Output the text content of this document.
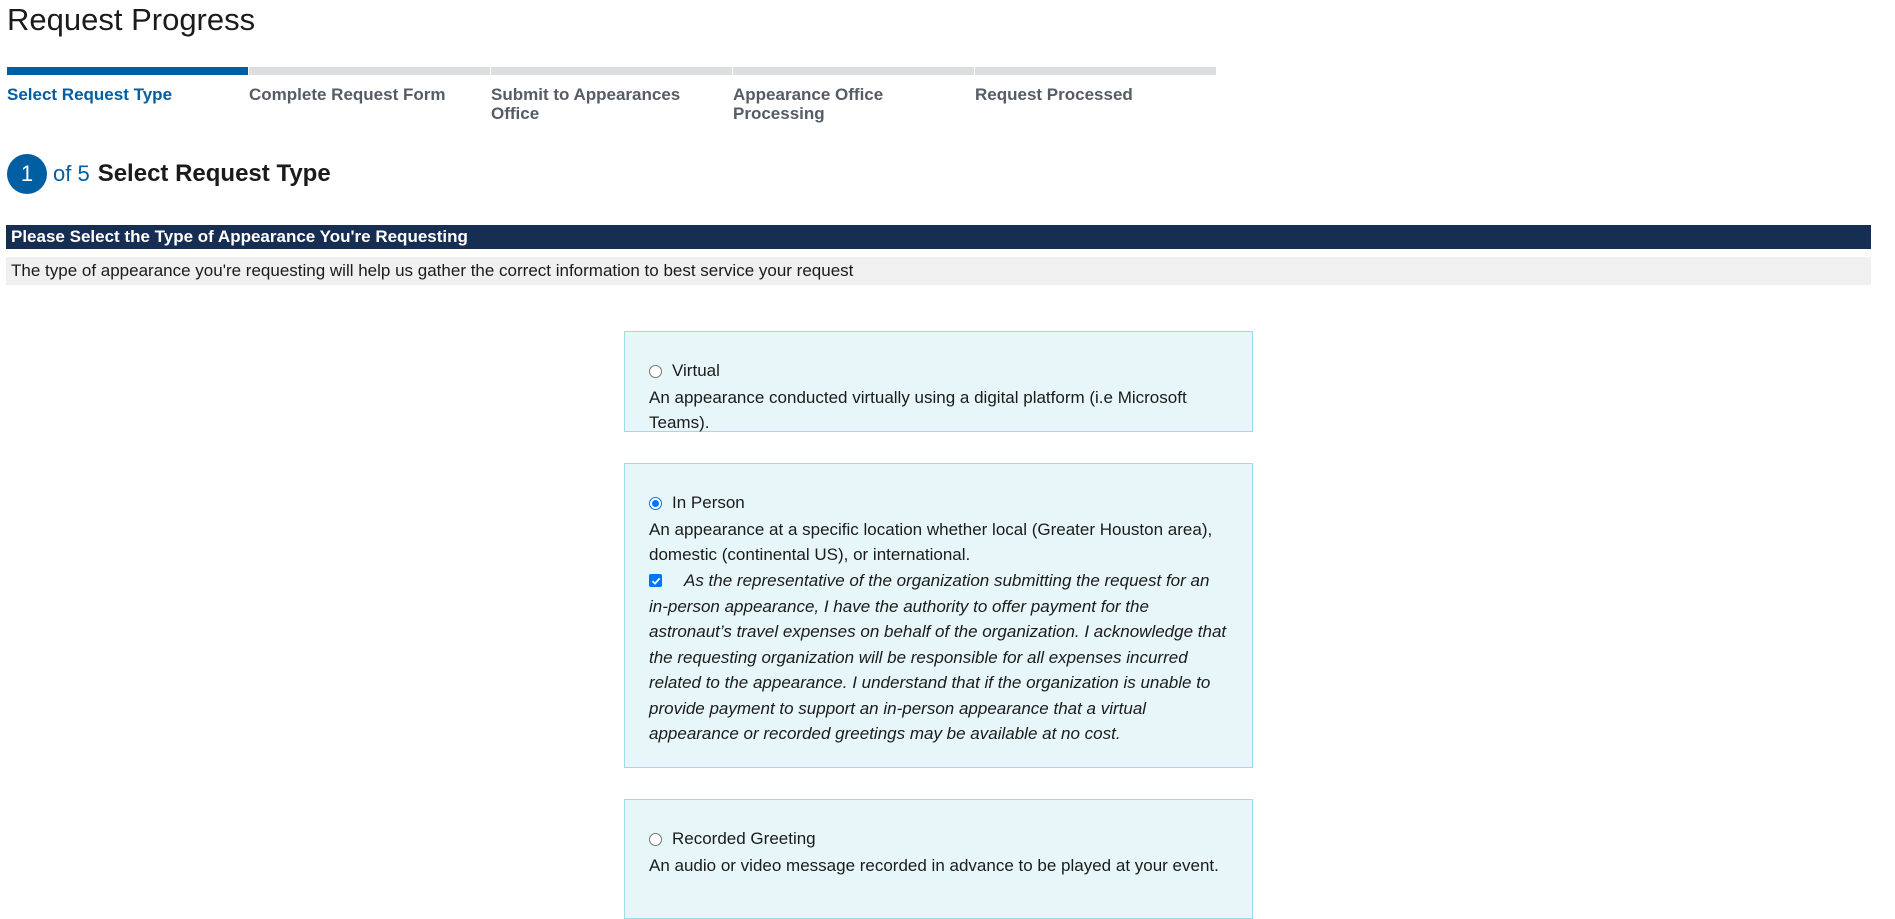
Request Progress
Select Request Type	Complete Request Form	Submit to Appearances Office
Appearance Office Processing
Request Processed
1 of 5 Select Request Type
Please Select the Type of Appearance You're Requesting
The type of appearance you're requesting will help us gather the correct information to best service your request
Virtual
An appearance conducted virtually using a digital platform (i.e Microsoft Teams).
In Person
An appearance at a specific location whether local (Greater Houston area), domestic (continental US), or international.
As the representative of the organization submitting the request for an in-person appearance, I have the authority to offer payment for the astronaut’s travel expenses on behalf of the organization. I acknowledge that the requesting organization will be responsible for all expenses incurred related to the appearance. I understand that if the organization is unable to provide payment to support an in-person appearance that a virtual appearance or recorded greetings may be available at no cost.
Recorded Greeting
An audio or video message recorded in advance to be played at your event.
